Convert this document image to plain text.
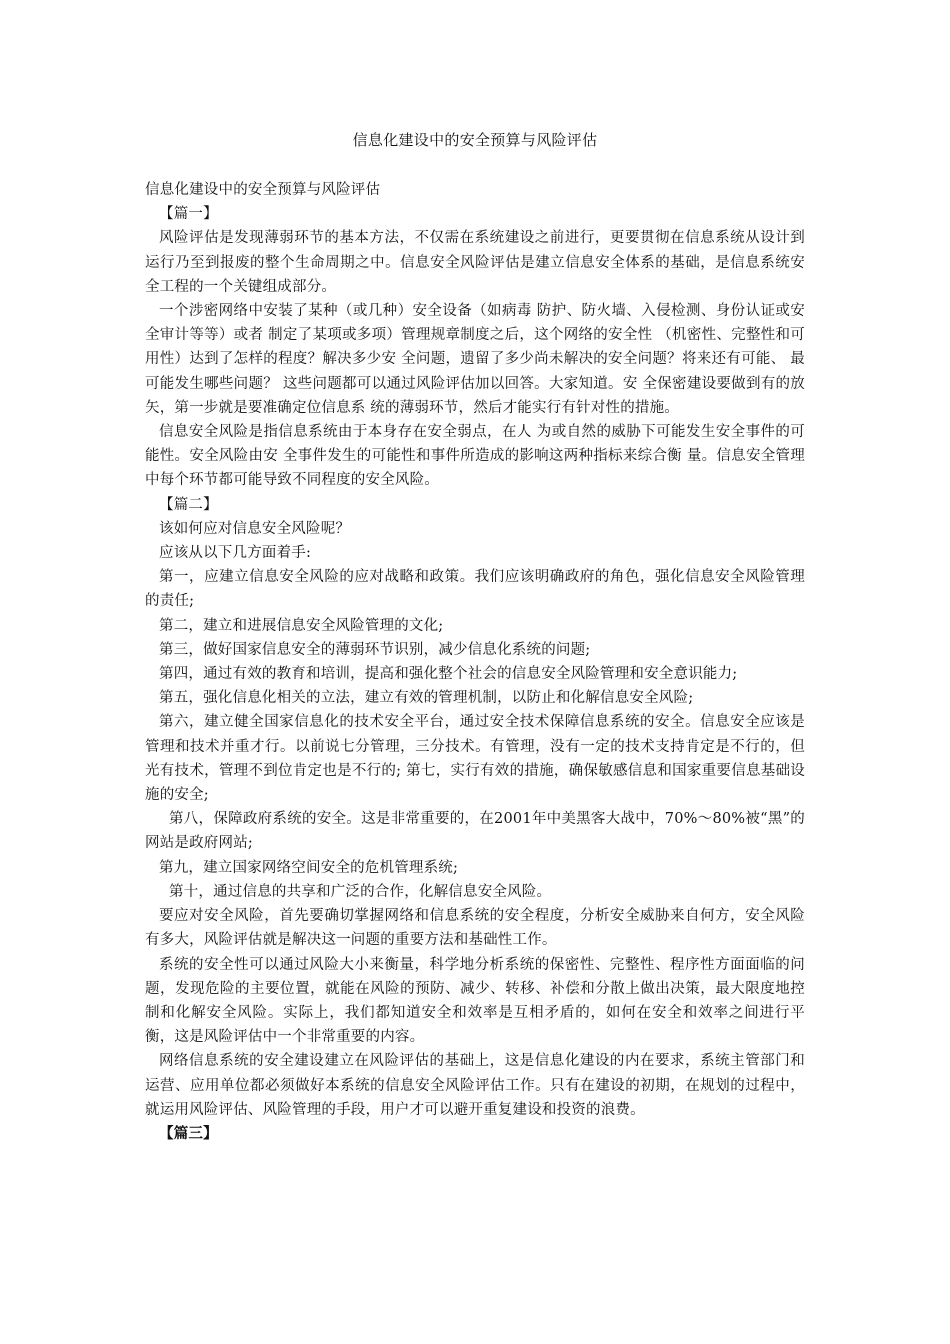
信息化建设中的安全预算与风险评估

信息化建设中的安全预算与风险评估

【篇一】

风险评估是发现薄弱环节的基本方法，不仅需在系统建设之前进行，更要贯彻在信息系统从设计到运行乃至到报废的整个生命周期之中。信息安全风险评估是建立信息安全体系的基础，是信息系统安全工程的一个关键组成部分。

一个涉密网络中安装了某种（或几种）安全设备（如病毒 防护、防火墙、入侵检测、身份认证或安全审计等等）或者 制定了某项或多项）管理规章制度之后，这个网络的安全性 （机密性、完整性和可用性）达到了怎样的程度？解决多少安 全问题，遗留了多少尚未解决的安全问题？将来还有可能、 最可能发生哪些问题？ 这些问题都可以通过风险评估加以回答。大家知道。安 全保密建设要做到有的放矢，第一步就是要准确定位信息系 统的薄弱环节，然后才能实行有针对性的措施。

信息安全风险是指信息系统由于本身存在安全弱点，在人 为或自然的威胁下可能发生安全事件的可能性。安全风险由安 全事件发生的可能性和事件所造成的影响这两种指标来综合衡 量。信息安全管理中每个环节都可能导致不同程度的安全风险。

【篇二】

该如何应对信息安全风险呢？

应该从以下几方面着手:

第一，应建立信息安全风险的应对战略和政策。我们应该明确政府的角色，强化信息安全风险管理的责任;

第二，建立和进展信息安全风险管理的文化;

第三，做好国家信息安全的薄弱环节识别，减少信息化系统的问题;

第四，通过有效的教育和培训，提高和强化整个社会的信息安全风险管理和安全意识能力;

第五，强化信息化相关的立法，建立有效的管理机制，以防止和化解信息安全风险;

第六，建立健全国家信息化的技术安全平台，通过安全技术保障信息系统的安全。信息安全应该是管理和技术并重才行。以前说七分管理，三分技术。有管理，没有一定的技术支持肯定是不行的，但光有技术，管理不到位肯定也是不行的; 第七，实行有效的措施，确保敏感信息和国家重要信息基础设施的安全;

第八，保障政府系统的安全。这是非常重要的，在2001年中美黑客大战中，70%～80%被“黑”的网站是政府网站;

第九，建立国家网络空间安全的危机管理系统;

第十，通过信息的共享和广泛的合作，化解信息安全风险。

要应对安全风险，首先要确切掌握网络和信息系统的安全程度，分析安全威胁来自何方，安全风险有多大，风险评估就是解决这一问题的重要方法和基础性工作。

系统的安全性可以通过风险大小来衡量，科学地分析系统的保密性、完整性、程序性方面面临的问题，发现危险的主要位置，就能在风险的预防、减少、转移、补偿和分散上做出决策，最大限度地控制和化解安全风险。实际上，我们都知道安全和效率是互相矛盾的，如何在安全和效率之间进行平衡，这是风险评估中一个非常重要的内容。

网络信息系统的安全建设建立在风险评估的基础上，这是信息化建设的内在要求，系统主管部门和运营、应用单位都必须做好本系统的信息安全风险评估工作。只有在建设的初期，在规划的过程中，就运用风险评估、风险管理的手段，用户才可以避开重复建设和投资的浪费。

【篇三】
